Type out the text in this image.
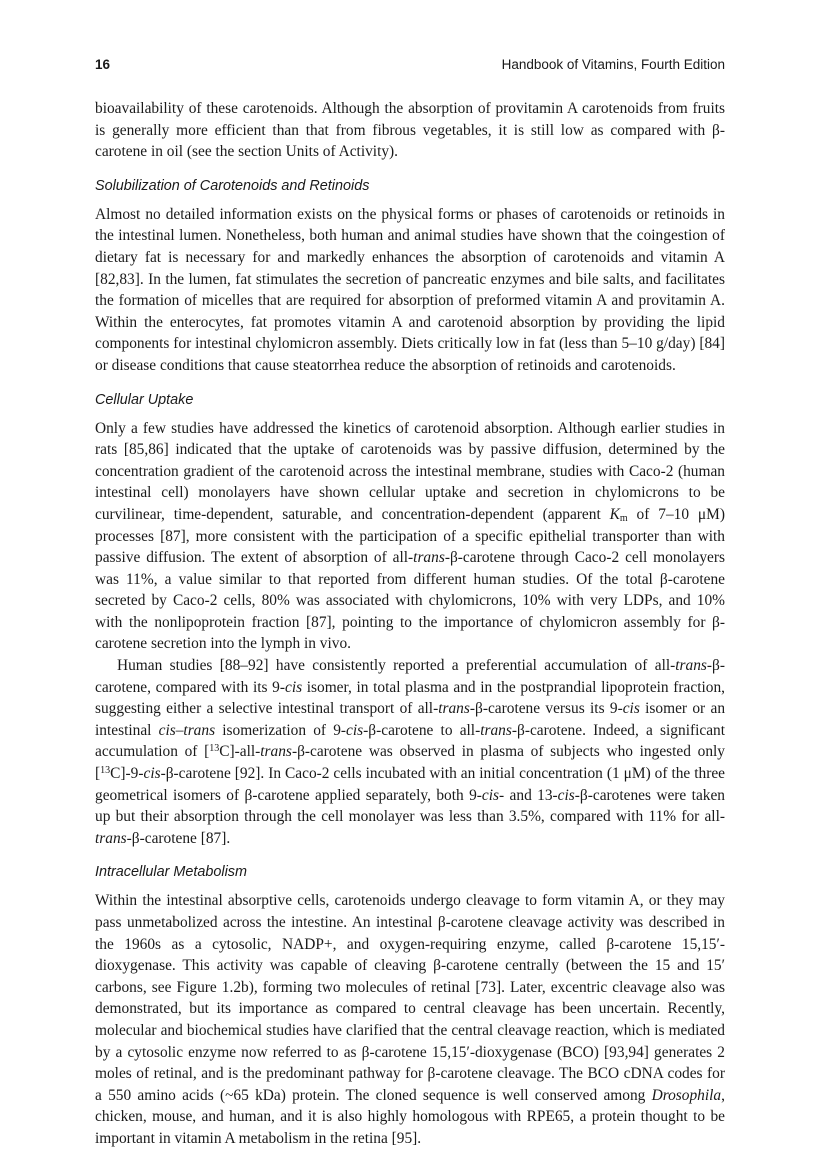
16	Handbook of Vitamins, Fourth Edition

bioavailability of these carotenoids. Although the absorption of provitamin A carotenoids from fruits is generally more efficient than that from fibrous vegetables, it is still low as compared with β-carotene in oil (see the section Units of Activity).

Solubilization of Carotenoids and Retinoids

Almost no detailed information exists on the physical forms or phases of carotenoids or retinoids in the intestinal lumen. Nonetheless, both human and animal studies have shown that the coingestion of dietary fat is necessary for and markedly enhances the absorption of carotenoids and vitamin A [82,83]. In the lumen, fat stimulates the secretion of pancreatic enzymes and bile salts, and facilitates the formation of micelles that are required for absorption of preformed vitamin A and provitamin A. Within the enterocytes, fat promotes vitamin A and carotenoid absorption by providing the lipid components for intestinal chylomicron assembly. Diets critically low in fat (less than 5–10 g/day) [84] or disease conditions that cause steatorrhea reduce the absorption of retinoids and carotenoids.

Cellular Uptake

Only a few studies have addressed the kinetics of carotenoid absorption. Although earlier studies in rats [85,86] indicated that the uptake of carotenoids was by passive diffusion, determined by the concentration gradient of the carotenoid across the intestinal membrane, studies with Caco-2 (human intestinal cell) monolayers have shown cellular uptake and secretion in chylomicrons to be curvilinear, time-dependent, saturable, and concentration-dependent (apparent $K_m$ of 7–10 μM) processes [87], more consistent with the participation of a specific epithelial transporter than with passive diffusion. The extent of absorption of all-trans-β-carotene through Caco-2 cell monolayers was 11%, a value similar to that reported from different human studies. Of the total β-carotene secreted by Caco-2 cells, 80% was associated with chylomicrons, 10% with very LDPs, and 10% with the nonlipoprotein fraction [87], pointing to the importance of chylomicron assembly for β-carotene secretion into the lymph in vivo.

Human studies [88–92] have consistently reported a preferential accumulation of all-trans-β-carotene, compared with its 9-cis isomer, in total plasma and in the postprandial lipoprotein fraction, suggesting either a selective intestinal transport of all-trans-β-carotene versus its 9-cis isomer or an intestinal cis–trans isomerization of 9-cis-β-carotene to all-trans-β-carotene. Indeed, a significant accumulation of [$^{13}$C]-all-trans-β-carotene was observed in plasma of subjects who ingested only [$^{13}$C]-9-cis-β-carotene [92]. In Caco-2 cells incubated with an initial concentration (1 μM) of the three geometrical isomers of β-carotene applied separately, both 9-cis- and 13-cis-β-carotenes were taken up but their absorption through the cell monolayer was less than 3.5%, compared with 11% for all-trans-β-carotene [87].

Intracellular Metabolism

Within the intestinal absorptive cells, carotenoids undergo cleavage to form vitamin A, or they may pass unmetabolized across the intestine. An intestinal β-carotene cleavage activity was described in the 1960s as a cytosolic, NADP+, and oxygen-requiring enzyme, called β-carotene 15,15′-dioxygenase. This activity was capable of cleaving β-carotene centrally (between the 15 and 15′ carbons, see Figure 1.2b), forming two molecules of retinal [73]. Later, excentric cleavage also was demonstrated, but its importance as compared to central cleavage has been uncertain. Recently, molecular and biochemical studies have clarified that the central cleavage reaction, which is mediated by a cytosolic enzyme now referred to as β-carotene 15,15′-dioxygenase (BCO) [93,94] generates 2 moles of retinal, and is the predominant pathway for β-carotene cleavage. The BCO cDNA codes for a 550 amino acids (~65 kDa) protein. The cloned sequence is well conserved among Drosophila, chicken, mouse, and human, and it is also highly homologous with RPE65, a protein thought to be important in vitamin A metabolism in the retina [95].
